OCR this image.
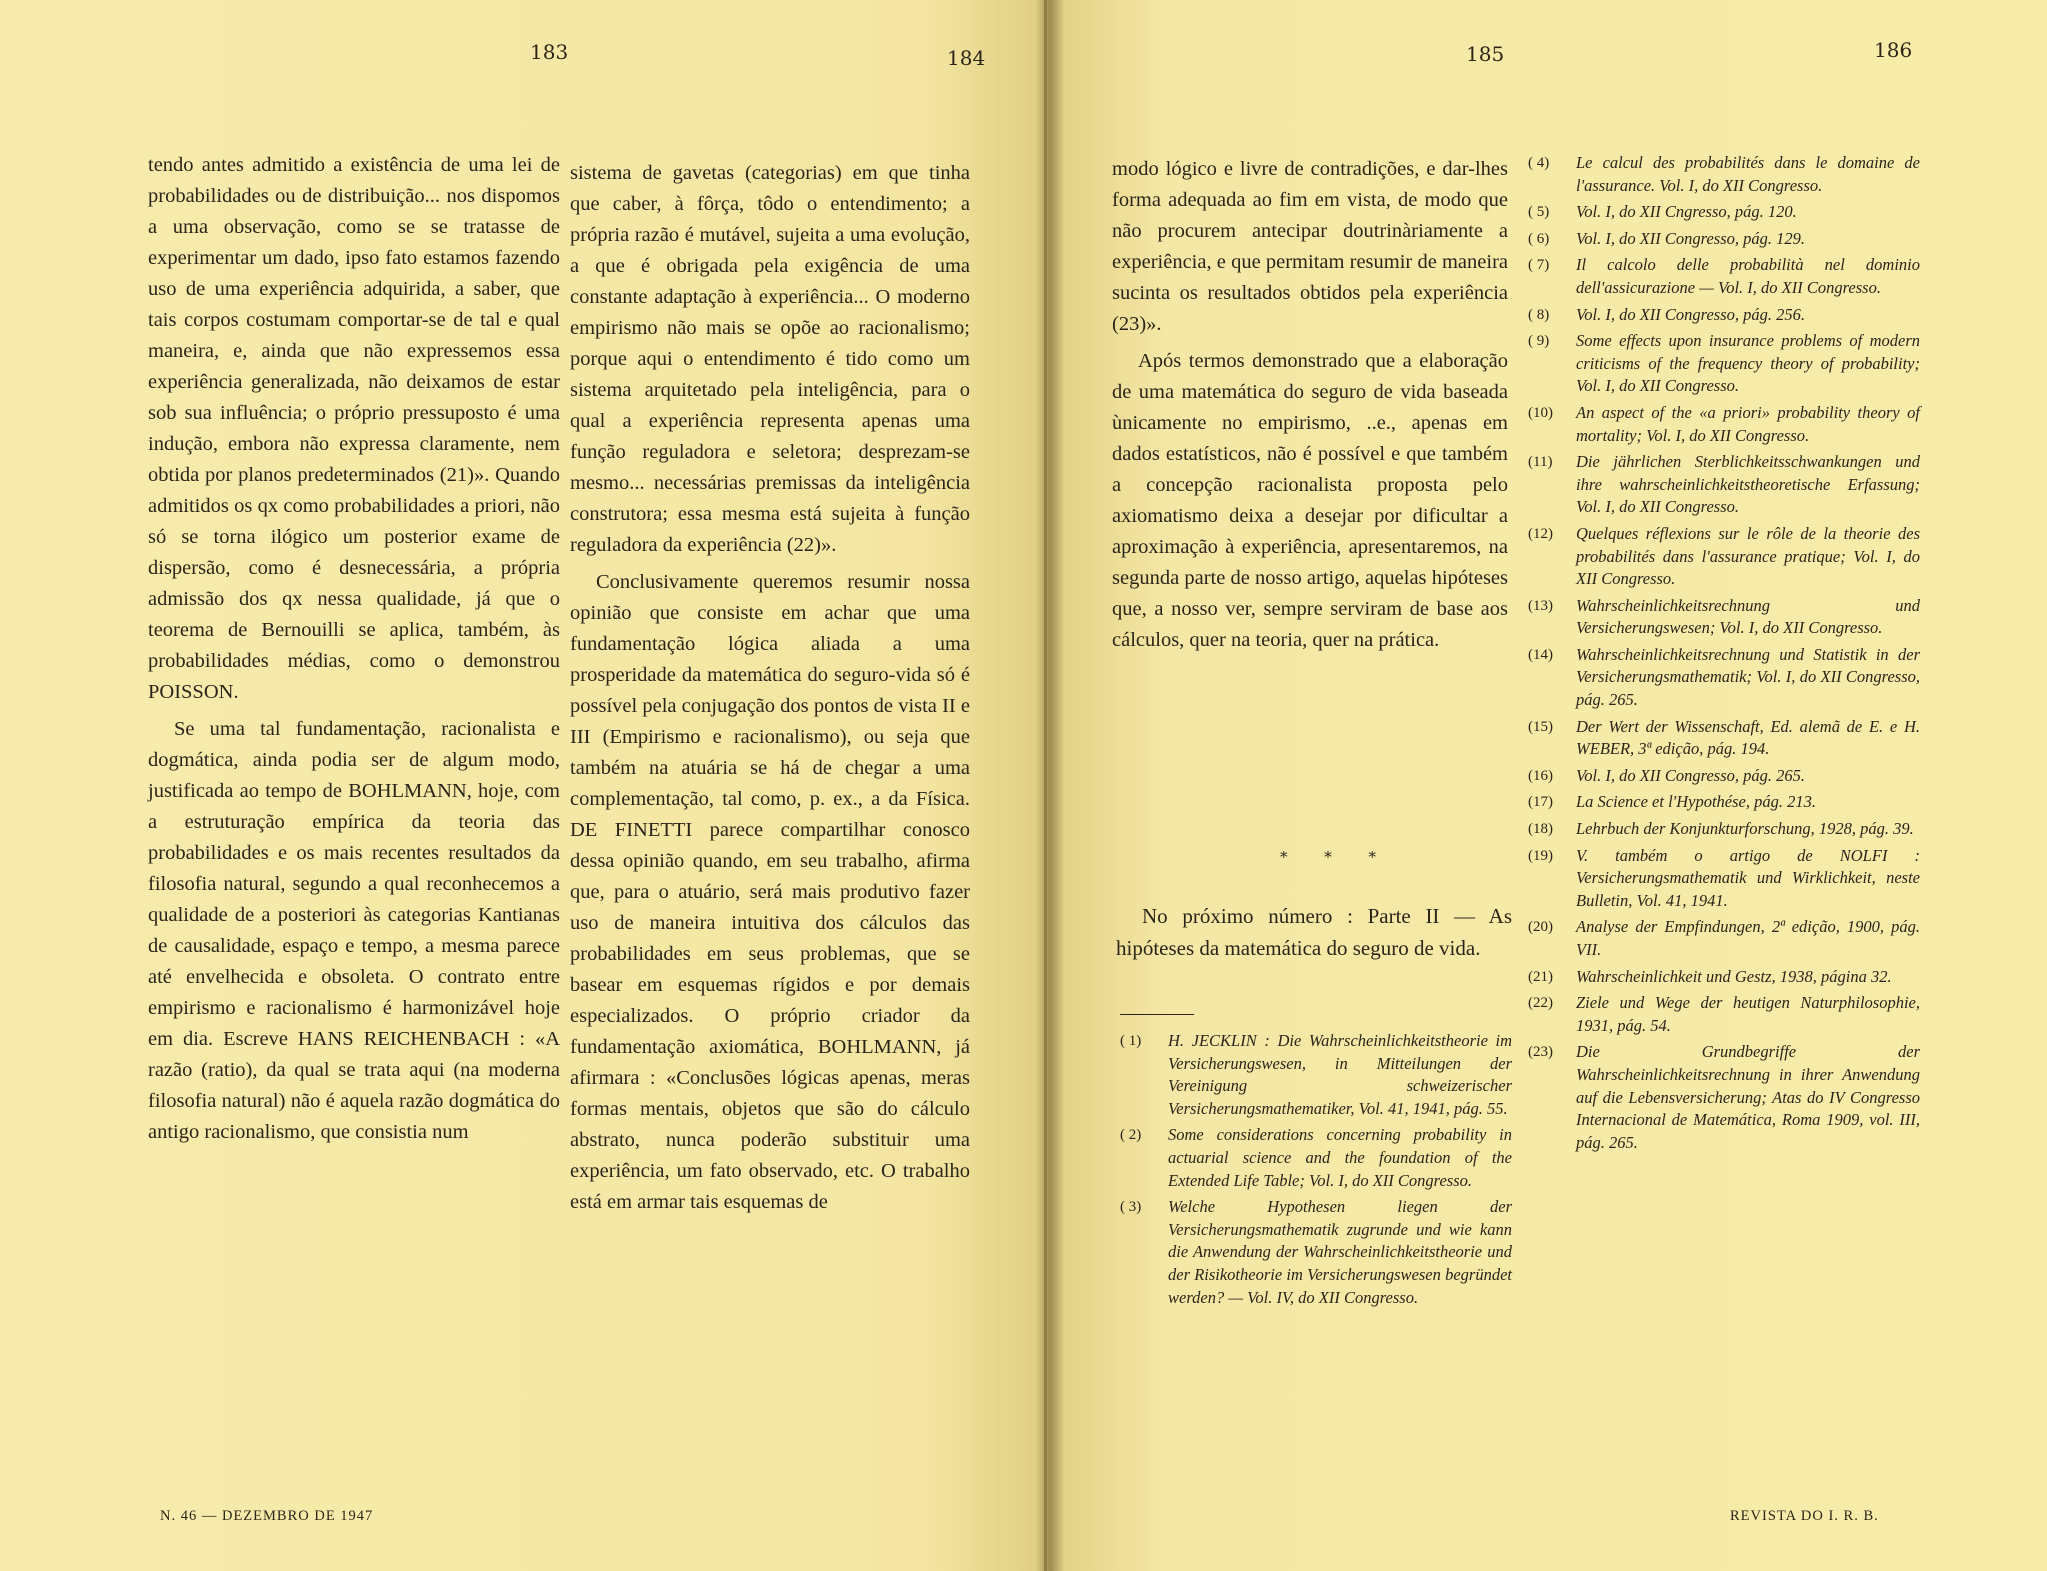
183	184	185	186

tendo antes admitido a existência de uma lei de probabilidades ou de distribuição... nos dispomos a uma observação, como se se tratasse de experimentar um dado, ipso fato estamos fazendo uso de uma experiência adquirida, a saber, que tais corpos costumam comportar-se de tal e qual maneira, e, ainda que não expressemos essa experiência generalizada, não deixamos de estar sob sua influência; o próprio pressuposto é uma indução, embora não expressa claramente, nem obtida por planos predeterminados (21)». Quando admitidos os qx como probabilidades a priori, não só se torna ilógico um posterior exame de dispersão, como é desnecessária, a própria admissão dos qx nessa qualidade, já que o teorema de Bernouilli se aplica, também, às probabilidades médias, como o demonstrou POISSON.

Se uma tal fundamentação, racionalista e dogmática, ainda podia ser de algum modo, justificada ao tempo de BOHLMANN, hoje, com a estruturação empírica da teoria das probabilidades e os mais recentes resultados da filosofia natural, segundo a qual reconhecemos a qualidade de a posteriori às categorias Kantianas de causalidade, espaço e tempo, a mesma parece até envelhecida e obsoleta. O contrato entre empirismo e racionalismo é harmonizável hoje em dia. Escreve HANS REICHENBACH : «A razão (ratio), da qual se trata aqui (na moderna filosofia natural) não é aquela razão dogmática do antigo racionalismo, que consistia num

sistema de gavetas (categorias) em que tinha que caber, à fôrça, tôdo o entendimento; a própria razão é mutável, sujeita a uma evolução, a que é obrigada pela exigência de uma constante adaptação à experiência... O moderno empirismo não mais se opõe ao racionalismo; porque aqui o entendimento é tido como um sistema arquitetado pela inteligência, para o qual a experiência representa apenas uma função reguladora e seletora; desprezam-se mesmo... necessárias premissas da inteligência construtora; essa mesma está sujeita à função reguladora da experiência (22)».

Conclusivamente queremos resumir nossa opinião que consiste em achar que uma fundamentação lógica aliada a uma prosperidade da matemática do seguro-vida só é possível pela conjugação dos pontos de vista II e III (Empirismo e racionalismo), ou seja que também na atuária se há de chegar a uma complementação, tal como, p. ex., a da Física. DE FINETTI parece compartilhar conosco dessa opinião quando, em seu trabalho, afirma que, para o atuário, será mais produtivo fazer uso de maneira intuitiva dos cálculos das probabilidades em seus problemas, que se basear em esquemas rígidos e por demais especializados. O próprio criador da fundamentação axiomática, BOHLMANN, já afirmara : «Conclusões lógicas apenas, meras formas mentais, objetos que são do cálculo abstrato, nunca poderão substituir uma experiência, um fato observado, etc. O trabalho está em armar tais esquemas de

modo lógico e livre de contradições, e dar-lhes forma adequada ao fim em vista, de modo que não procurem antecipar doutrinàriamente a experiência, e que permitam resumir de maneira sucinta os resultados obtidos pela experiência (23)».

Após termos demonstrado que a elaboração de uma matemática do seguro de vida baseada ùnicamente no empirismo, ..e., apenas em dados estatísticos, não é possível e que também a concepção racionalista proposta pelo axiomatismo deixa a desejar por dificultar a aproximação à experiência, apresentaremos, na segunda parte de nosso artigo, aquelas hipóteses que, a nosso ver, sempre serviram de base aos cálculos, quer na teoria, quer na prática.

* * *

No próximo número : Parte II — As hipóteses da matemática do seguro de vida.

( 1) H. JECKLIN : Die Wahrscheinlichkeitstheorie im Versicherungswesen, in Mitteilungen der Vereinigung schweizerischer Versicherungsmathematiker, Vol. 41, 1941, pág. 55.
( 2) Some considerations concerning probability in actuarial science and the foundation of the Extended Life Table; Vol. I, do XII Congresso.
( 3) Welche Hypothesen liegen der Versicherungsmathematik zugrunde und wie kann die Anwendung der Wahrscheinlichkeitstheorie und der Risikotheorie im Versicherungswesen begründet werden? — Vol. IV, do XII Congresso.
( 4) Le calcul des probabilités dans le domaine de l'assurance. Vol. I, do XII Congresso.
( 5) Vol. I, do XII Cngresso, pág. 120.
( 6) Vol. I, do XII Congresso, pág. 129.
( 7) Il calcolo delle probabilità nel dominio dell'assicurazione — Vol. I, do XII Congresso.
( 8) Vol. I, do XII Congresso, pág. 256.
( 9) Some effects upon insurance problems of modern criticisms of the frequency theory of probability; Vol. I, do XII Congresso.
(10) An aspect of the «a priori» probability theory of mortality; Vol. I, do XII Congresso.
(11) Die jährlichen Sterblichkeitsschwankungen und ihre wahrscheinlichkeitstheoretische Erfassung; Vol. I, do XII Congresso.
(12) Quelques réflexions sur le rôle de la theorie des probabilités dans l'assurance pratique; Vol. I, do XII Congresso.
(13) Wahrscheinlichkeitsrechnung und Versicherungswesen; Vol. I, do XII Congresso.
(14) Wahrscheinlichkeitsrechnung und Statistik in der Versicherungsmathematik; Vol. I, do XII Congresso, pág. 265.
(15) Der Wert der Wissenschaft, Ed. alemã de E. e H. WEBER, 3ª edição, pág. 194.
(16) Vol. I, do XII Congresso, pág. 265.
(17) La Science et l'Hypothése, pág. 213.
(18) Lehrbuch der Konjunkturforschung, 1928, pág. 39.
(19) V. também o artigo de NOLFI : Versicherungsmathematik und Wirklichkeit, neste Bulletin, Vol. 41, 1941.
(20) Analyse der Empfindungen, 2ª edição, 1900, pág. VII.
(21) Wahrscheinlichkeit und Gestz, 1938, página 32.
(22) Ziele und Wege der heutigen Naturphilosophie, 1931, pág. 54.
(23) Die Grundbegriffe der Wahrscheinlichkeitsrechnung in ihrer Anwendung auf die Lebensversicherung; Atas do IV Congresso Internacional de Matemática, Roma 1909, vol. III, pág. 265.
N. 46 — DEZEMBRO DE 1947	REVISTA DO I. R. B.
